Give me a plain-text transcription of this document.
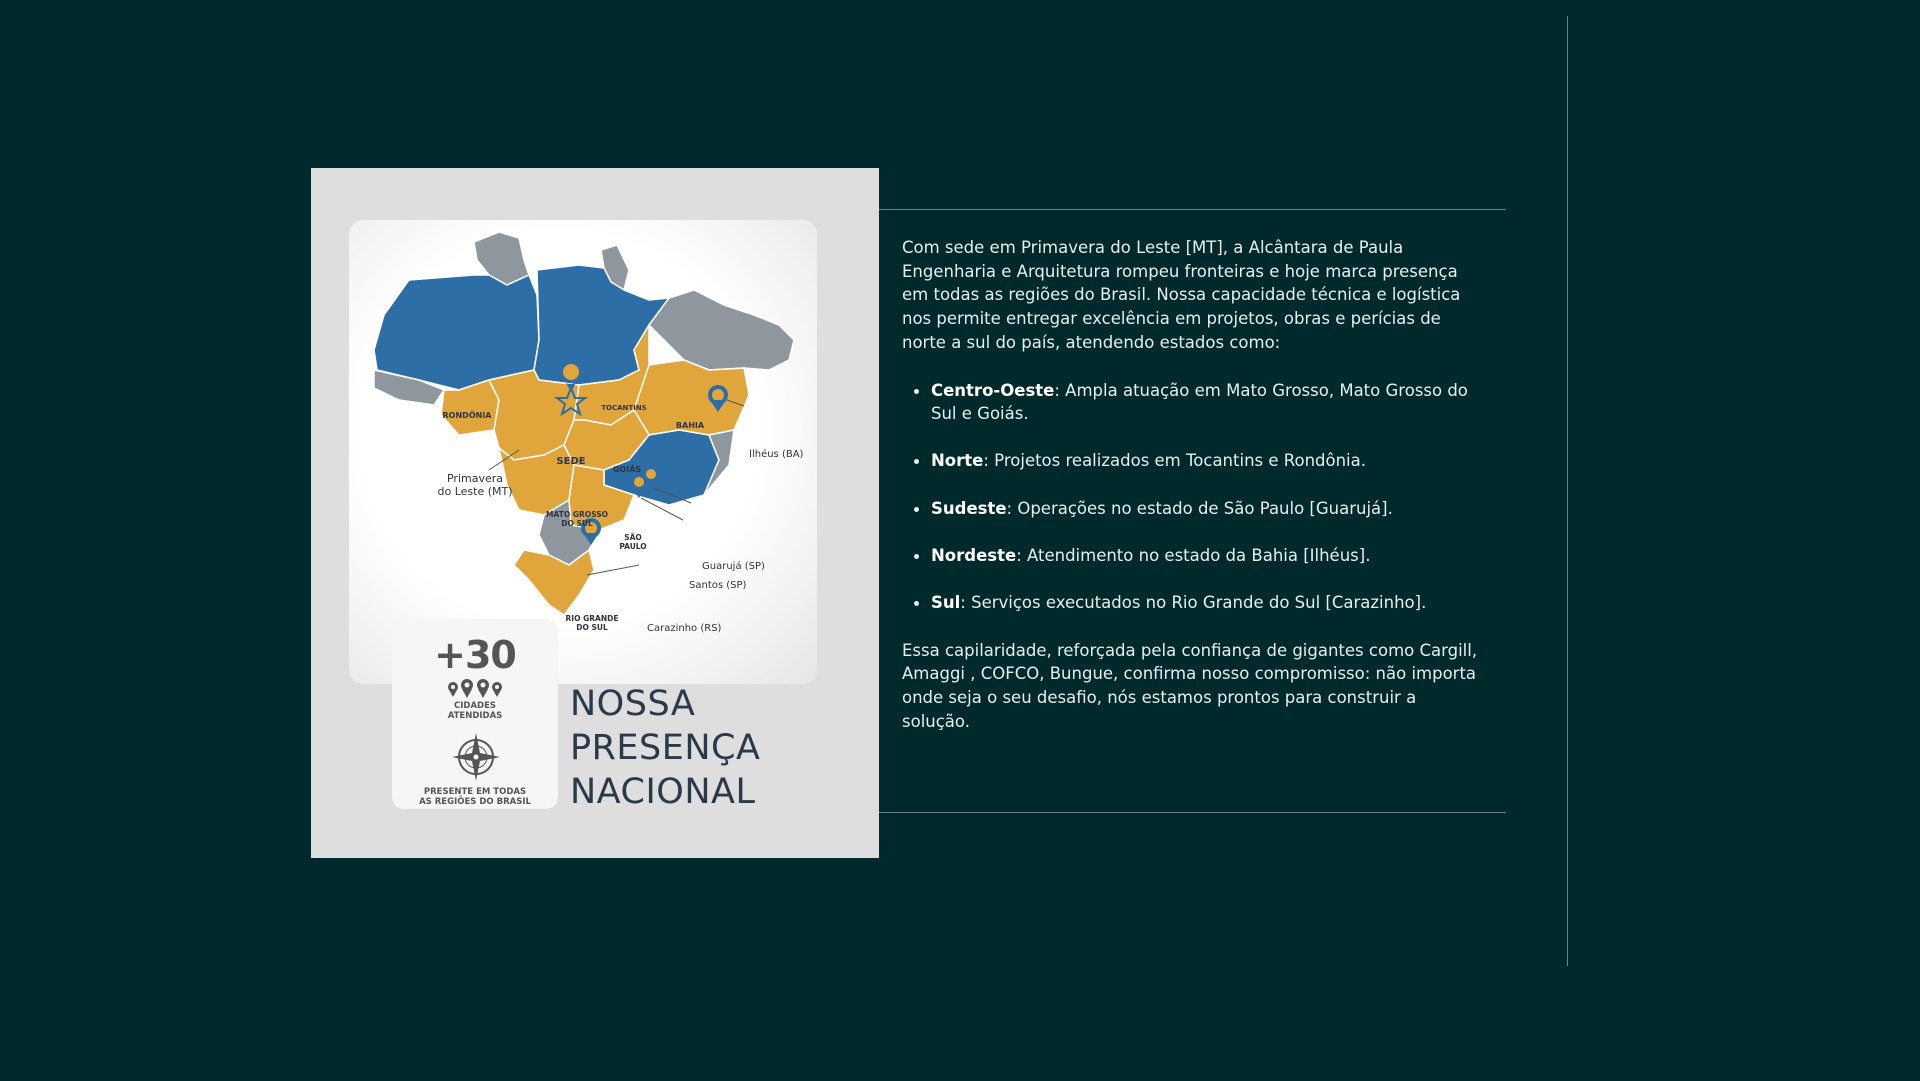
RONDÔNIA
TOCANTINS
BAHIA
GOIÁS
MATO GROSSO
DO SUL
SÃO
PAULO
RIO GRANDE
DO SUL
SEDE
Primavera
do Leste (MT)
Ilhéus (BA)
Guarujá (SP)
Santos (SP)
Carazinho (RS)
+30
CIDADES
ATENDIDAS
PRESENTE EM TODAS
AS REGIÕES DO BRASIL
NOSSA
PRESENÇA
NACIONAL

Com sede em Primavera do Leste [MT], a Alcântara de Paula Engenharia e Arquitetura rompeu fronteiras e hoje marca presença em todas as regiões do Brasil. Nossa capacidade técnica e logística nos permite entregar excelência em projetos, obras e perícias de norte a sul do país, atendendo estados como:

Centro-Oeste: Ampla atuação em Mato Grosso, Mato Grosso do Sul e Goiás.
Norte: Projetos realizados em Tocantins e Rondônia.
Sudeste: Operações no estado de São Paulo [Guarujá].
Nordeste: Atendimento no estado da Bahia [Ilhéus].
Sul: Serviços executados no Rio Grande do Sul [Carazinho].

Essa capilaridade, reforçada pela confiança de gigantes como Cargill, Amaggi , COFCO, Bungue, confirma nosso compromisso: não importa onde seja o seu desafio, nós estamos prontos para construir a solução.
